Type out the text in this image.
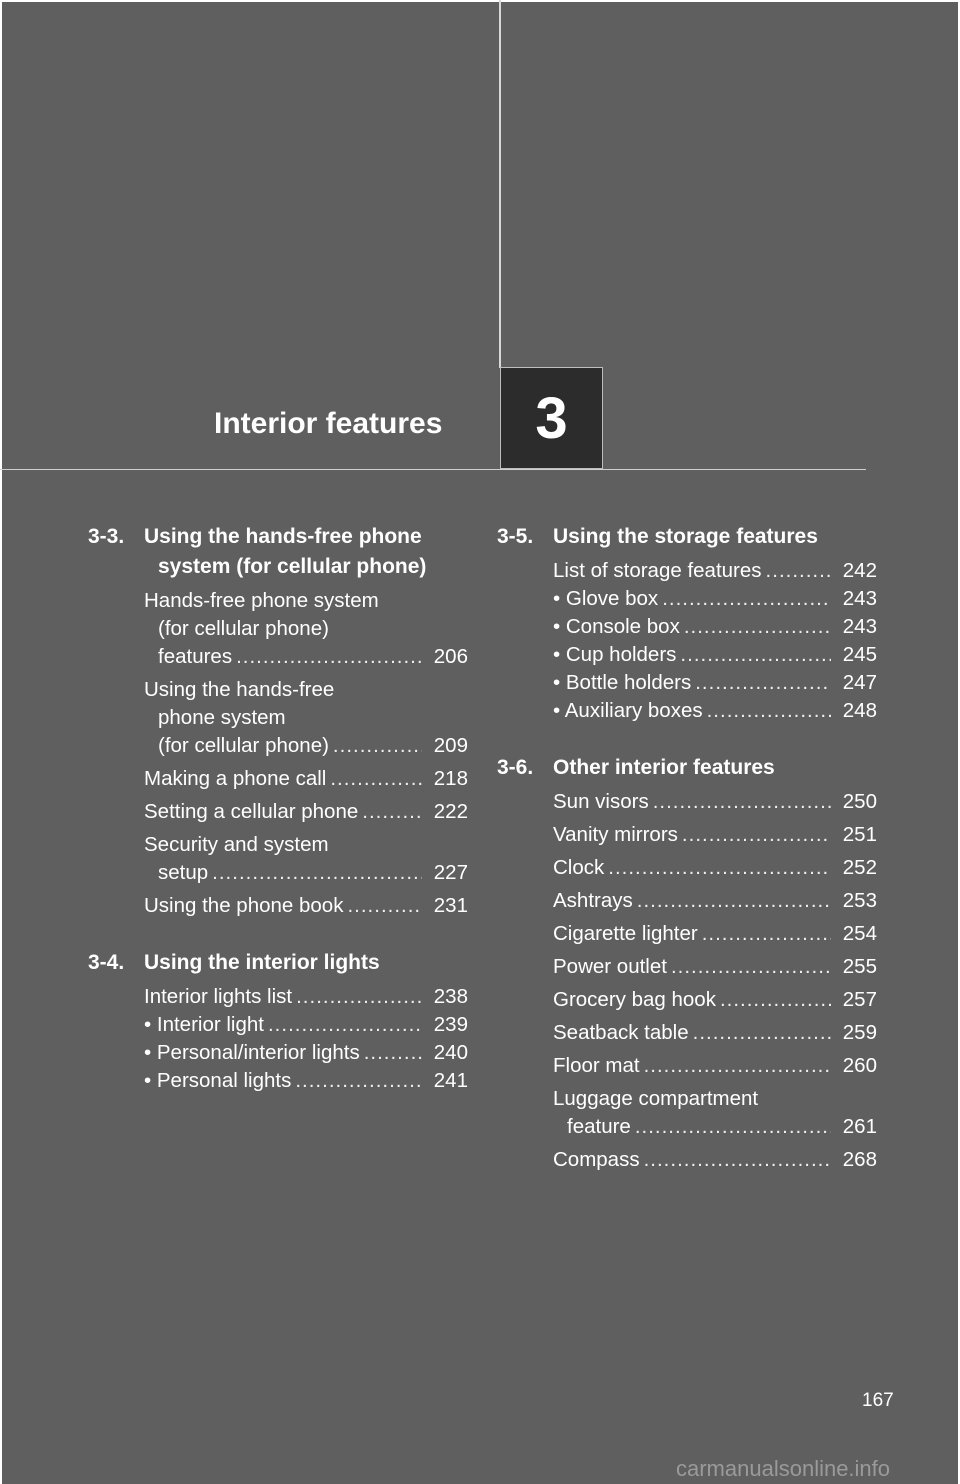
Interior features 3
3-3. Using the hands-free phone
system (for cellular phone)
Hands-free phone system
(for cellular phone)
features .....	206
Using the hands-free
phone system
(for cellular phone) .....	209
Making a phone call .....	218
Setting a cellular phone .....	222
Security and system
setup .....	227
Using the phone book .....	231
3-4. Using the interior lights
Interior lights list .....	238
• Interior light .....	239
• Personal/interior lights .....	240
• Personal lights .....	241
3-5. Using the storage features
List of storage features .....	242
• Glove box .....	243
• Console box .....	243
• Cup holders .....	245
• Bottle holders .....	247
• Auxiliary boxes .....	248
3-6. Other interior features
Sun visors .....	250
Vanity mirrors .....	251
Clock .....	252
Ashtrays .....	253
Cigarette lighter .....	254
Power outlet .....	255
Grocery bag hook .....	257
Seatback table .....	259
Floor mat .....	260
Luggage compartment
feature .....	261
Compass .....	268
167
carmanualsonline.info
